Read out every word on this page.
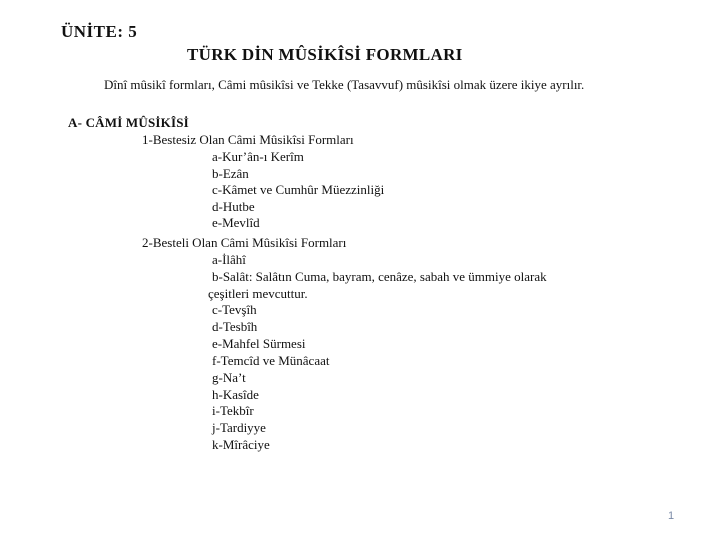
ÜNİTE: 5
TÜRK DİN MÛSİKÎSİ FORMLARI
Dînî mûsikî formları, Câmi mûsikîsi ve Tekke (Tasavvuf) mûsikîsi olmak üzere ikiye ayrılır.
A- CÂMİ MÛSİKÎSİ
1-Bestesiz Olan Câmi Mûsikîsi Formları
a-Kur’ân-ı Kerîm
b-Ezân
c-Kâmet ve Cumhûr Müezzinliği
d-Hutbe
e-Mevlîd
2-Besteli Olan Câmi Mûsikîsi Formları
a-İlâhî
b-Salât: Salâtın Cuma, bayram, cenâze, sabah ve ümmiye olarak
çeşitleri mevcuttur.
c-Tevşîh
d-Tesbîh
e-Mahfel Sürmesi
f-Temcîd ve Münâcaat
g-Na’t
h-Kasîde
i-Tekbîr
j-Tardiyye
k-Mîrâciye
1
